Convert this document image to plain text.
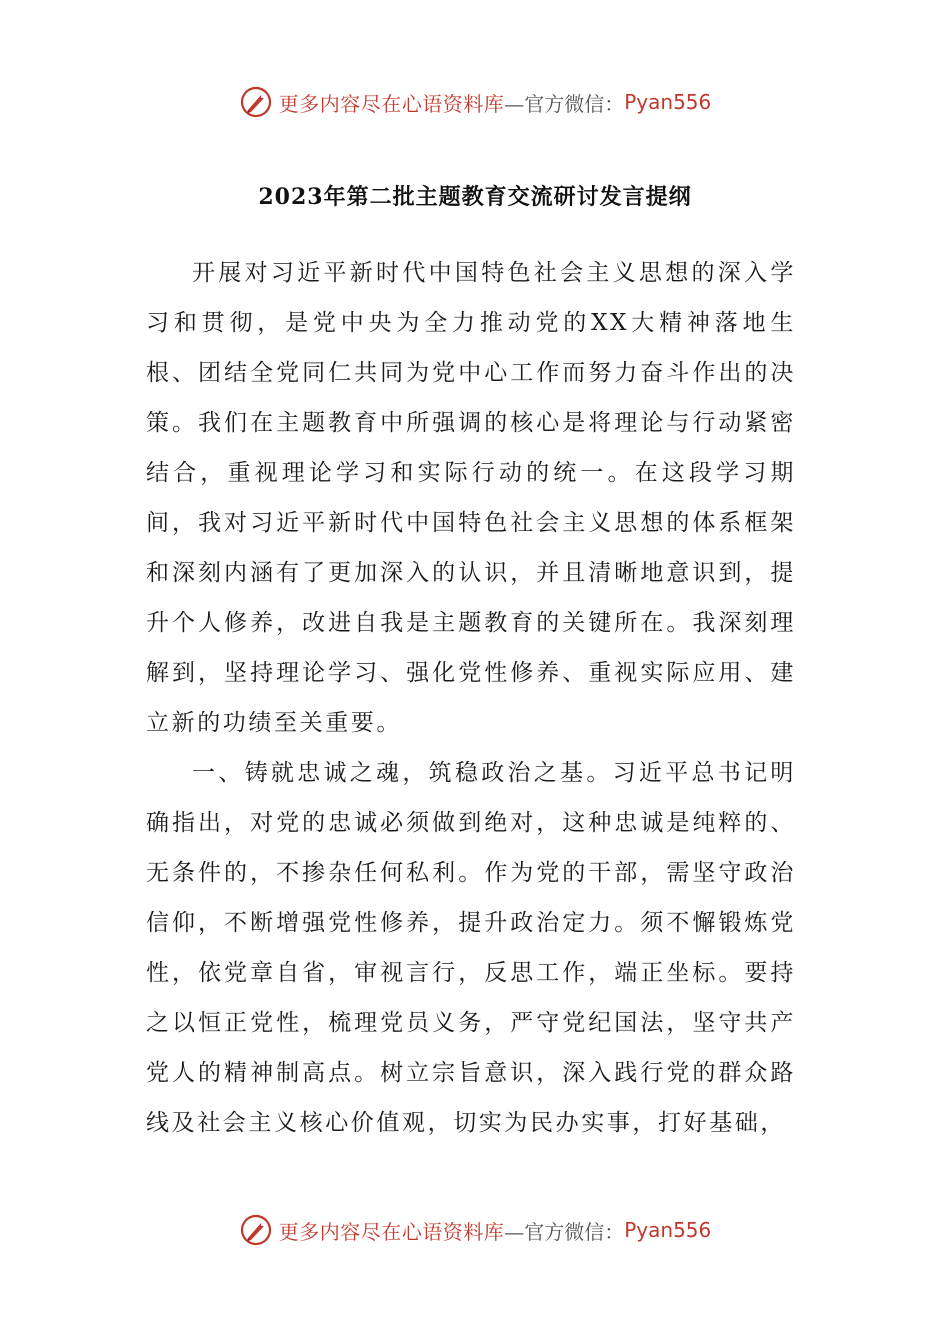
更多内容尽在心语资料库 —官方微信： Pyan556
2023年第二批主题教育交流研讨发言提纲

开展对习近平新时代中国特色社会主义思想的深入学习和贯彻，是党中央为全力推动党的XX大精神落地生根、团结全党同仁共同为党中心工作而努力奋斗作出的决策。我们在主题教育中所强调的核心是将理论与行动紧密结合，重视理论学习和实际行动的统一。在这段学习期间，我对习近平新时代中国特色社会主义思想的体系框架和深刻内涵有了更加深入的认识，并且清晰地意识到，提升个人修养，改进自我是主题教育的关键所在。我深刻理解到，坚持理论学习、强化党性修养、重视实际应用、建立新的功绩至关重要。

一、铸就忠诚之魂，筑稳政治之基。习近平总书记明确指出，对党的忠诚必须做到绝对，这种忠诚是纯粹的、无条件的，不掺杂任何私利。作为党的干部，需坚守政治信仰，不断增强党性修养，提升政治定力。须不懈锻炼党性，依党章自省，审视言行，反思工作，端正坐标。要持之以恒正党性，梳理党员义务，严守党纪国法，坚守共产党人的精神制高点。树立宗旨意识，深入践行党的群众路线及社会主义核心价值观，切实为民办实事，打好基础，

更多内容尽在心语资料库 —官方微信： Pyan556
